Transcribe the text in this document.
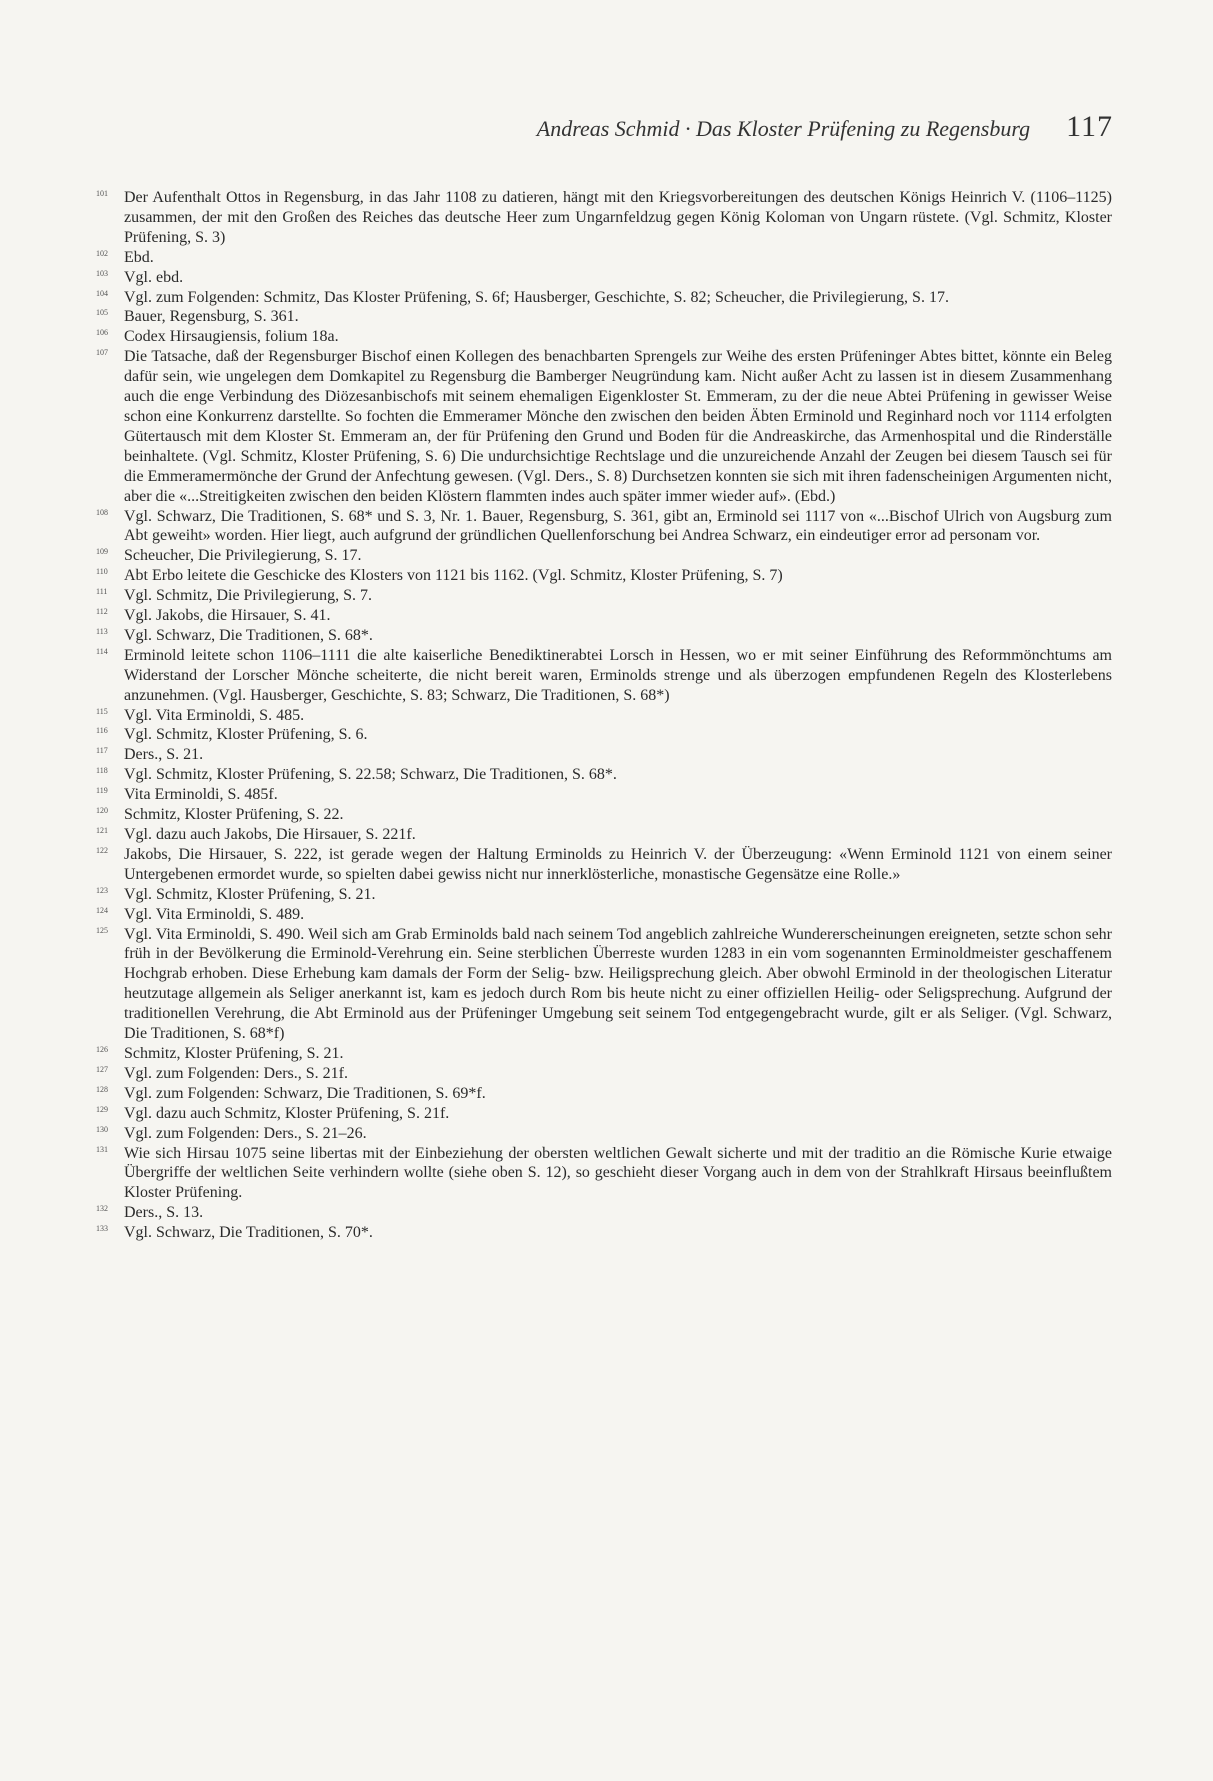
Andreas Schmid · Das Kloster Prüfening zu Regensburg 117
101	Der Aufenthalt Ottos in Regensburg, in das Jahr 1108 zu datieren, hängt mit den Kriegsvorbereitungen des deutschen Königs Heinrich V. (1106–1125) zusammen, der mit den Großen des Reiches das deutsche Heer zum Ungarnfeldzug gegen König Koloman von Ungarn rüstete. (Vgl. Schmitz, Kloster Prüfening, S. 3)
102	Ebd.
103	Vgl. ebd.
104	Vgl. zum Folgenden: Schmitz, Das Kloster Prüfening, S. 6f; Hausberger, Geschichte, S. 82; Scheucher, die Privilegierung, S. 17.
105	Bauer, Regensburg, S. 361.
106	Codex Hirsaugiensis, folium 18a.
107	Die Tatsache, daß der Regensburger Bischof einen Kollegen des benachbarten Sprengels zur Weihe des ersten Prüfeninger Abtes bittet, könnte ein Beleg dafür sein, wie ungelegen dem Domkapitel zu Regensburg die Bamberger Neugründung kam. Nicht außer Acht zu lassen ist in diesem Zusammenhang auch die enge Verbindung des Diözesanbischofs mit seinem ehemaligen Eigenkloster St. Emmeram, zu der die neue Abtei Prüfening in gewisser Weise schon eine Konkurrenz darstellte. So fochten die Emmeramer Mönche den zwischen den beiden Äbten Erminold und Reginhard noch vor 1114 erfolgten Gütertausch mit dem Kloster St. Emmeram an, der für Prüfening den Grund und Boden für die Andreaskirche, das Armenhospital und die Rinderställe beinhaltete. (Vgl. Schmitz, Kloster Prüfening, S. 6) Die undurchsichtige Rechtslage und die unzureichende Anzahl der Zeugen bei diesem Tausch sei für die Emmeramermönche der Grund der Anfechtung gewesen. (Vgl. Ders., S. 8) Durchsetzen konnten sie sich mit ihren fadenscheinigen Argumenten nicht, aber die «...Streitigkeiten zwischen den beiden Klöstern flammten indes auch später immer wieder auf». (Ebd.)
108	Vgl. Schwarz, Die Traditionen, S. 68* und S. 3, Nr. 1. Bauer, Regensburg, S. 361, gibt an, Erminold sei 1117 von «...Bischof Ulrich von Augsburg zum Abt geweiht» worden. Hier liegt, auch aufgrund der gründlichen Quellenforschung bei Andrea Schwarz, ein eindeutiger error ad personam vor.
109	Scheucher, Die Privilegierung, S. 17.
110	Abt Erbo leitete die Geschicke des Klosters von 1121 bis 1162. (Vgl. Schmitz, Kloster Prüfening, S. 7)
111	Vgl. Schmitz, Die Privilegierung, S. 7.
112	Vgl. Jakobs, die Hirsauer, S. 41.
113	Vgl. Schwarz, Die Traditionen, S. 68*.
114	Erminold leitete schon 1106–1111 die alte kaiserliche Benediktinerabtei Lorsch in Hessen, wo er mit seiner Einführung des Reformmönchtums am Widerstand der Lorscher Mönche scheiterte, die nicht bereit waren, Erminolds strenge und als überzogen empfundenen Regeln des Klosterlebens anzunehmen. (Vgl. Hausberger, Geschichte, S. 83; Schwarz, Die Traditionen, S. 68*)
115	Vgl. Vita Erminoldi, S. 485.
116	Vgl. Schmitz, Kloster Prüfening, S. 6.
117	Ders., S. 21.
118	Vgl. Schmitz, Kloster Prüfening, S. 22.58; Schwarz, Die Traditionen, S. 68*.
119	Vita Erminoldi, S. 485f.
120	Schmitz, Kloster Prüfening, S. 22.
121	Vgl. dazu auch Jakobs, Die Hirsauer, S. 221f.
122	Jakobs, Die Hirsauer, S. 222, ist gerade wegen der Haltung Erminolds zu Heinrich V. der Überzeugung: «Wenn Erminold 1121 von einem seiner Untergebenen ermordet wurde, so spielten dabei gewiss nicht nur innerklösterliche, monastische Gegensätze eine Rolle.»
123	Vgl. Schmitz, Kloster Prüfening, S. 21.
124	Vgl. Vita Erminoldi, S. 489.
125	Vgl. Vita Erminoldi, S. 490. Weil sich am Grab Erminolds bald nach seinem Tod angeblich zahlreiche Wundererscheinungen ereigneten, setzte schon sehr früh in der Bevölkerung die Erminold-Verehrung ein. Seine sterblichen Überreste wurden 1283 in ein vom sogenannten Erminoldmeister geschaffenem Hochgrab erhoben. Diese Erhebung kam damals der Form der Selig- bzw. Heiligsprechung gleich. Aber obwohl Erminold in der theologischen Literatur heutzutage allgemein als Seliger anerkannt ist, kam es jedoch durch Rom bis heute nicht zu einer offiziellen Heilig- oder Seligsprechung. Aufgrund der traditionellen Verehrung, die Abt Erminold aus der Prüfeninger Umgebung seit seinem Tod entgegengebracht wurde, gilt er als Seliger. (Vgl. Schwarz, Die Traditionen, S. 68*f)
126	Schmitz, Kloster Prüfening, S. 21.
127	Vgl. zum Folgenden: Ders., S. 21f.
128	Vgl. zum Folgenden: Schwarz, Die Traditionen, S. 69*f.
129	Vgl. dazu auch Schmitz, Kloster Prüfening, S. 21f.
130	Vgl. zum Folgenden: Ders., S. 21–26.
131	Wie sich Hirsau 1075 seine libertas mit der Einbeziehung der obersten weltlichen Gewalt sicherte und mit der traditio an die Römische Kurie etwaige Übergriffe der weltlichen Seite verhindern wollte (siehe oben S. 12), so geschieht dieser Vorgang auch in dem von der Strahlkraft Hirsaus beeinflußtem Kloster Prüfening.
132	Ders., S. 13.
133	Vgl. Schwarz, Die Traditionen, S. 70*.
